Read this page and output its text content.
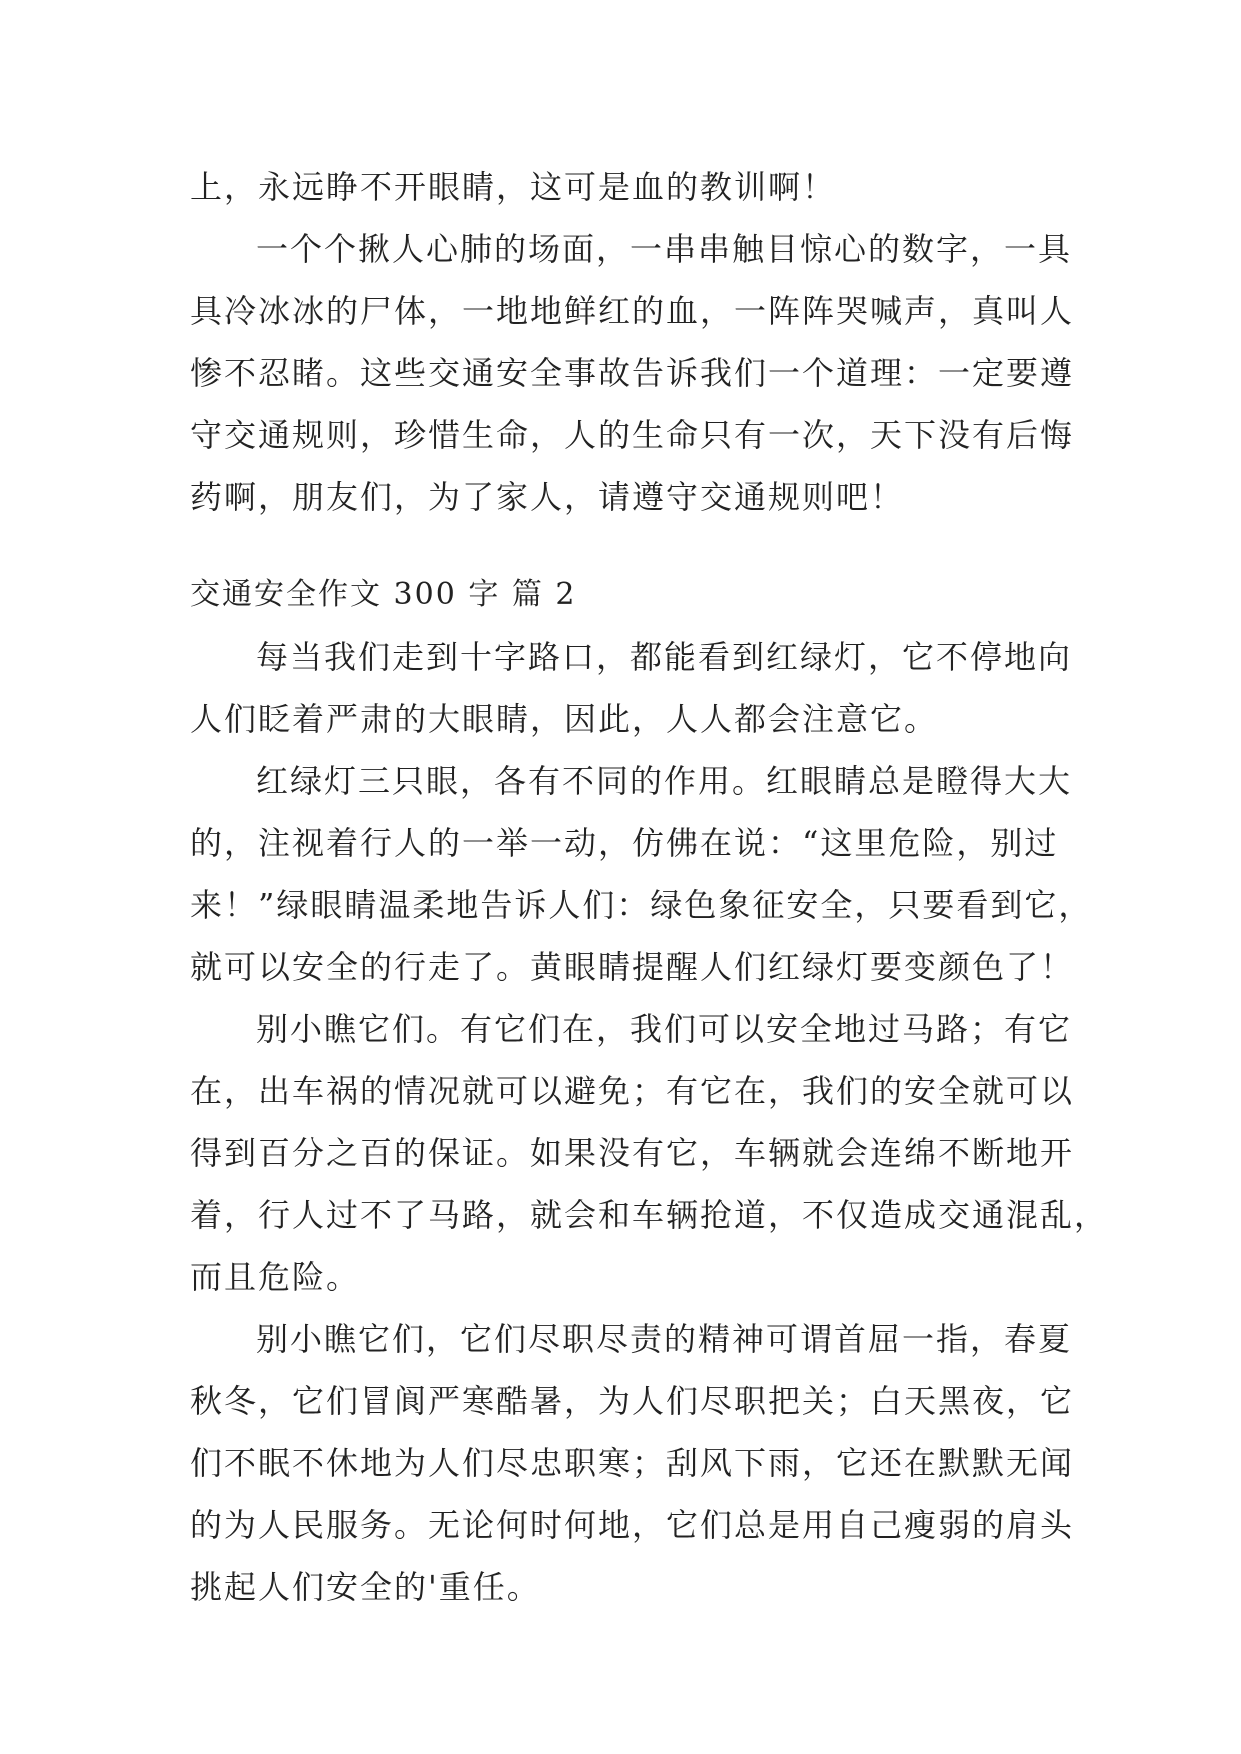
上，永远睁不开眼睛，这可是血的教训啊！
一个个揪人心肺的场面，一串串触目惊心的数字，一具
具冷冰冰的尸体，一地地鲜红的血，一阵阵哭喊声，真叫人
惨不忍睹。这些交通安全事故告诉我们一个道理：一定要遵
守交通规则，珍惜生命，人的生命只有一次，天下没有后悔
药啊，朋友们，为了家人，请遵守交通规则吧！
交通安全作文 300 字 篇 2
每当我们走到十字路口，都能看到红绿灯，它不停地向
人们眨着严肃的大眼睛，因此，人人都会注意它。
红绿灯三只眼，各有不同的作用。红眼睛总是瞪得大大
的，注视着行人的一举一动，仿佛在说：“这里危险，别过
来！”绿眼睛温柔地告诉人们：绿色象征安全，只要看到它，
就可以安全的行走了。黄眼睛提醒人们红绿灯要变颜色了！
别小瞧它们。有它们在，我们可以安全地过马路；有它
在，出车祸的情况就可以避免；有它在，我们的安全就可以
得到百分之百的保证。如果没有它，车辆就会连绵不断地开
着，行人过不了马路，就会和车辆抢道，不仅造成交通混乱，
而且危险。
别小瞧它们，它们尽职尽责的精神可谓首屈一指，春夏
秋冬，它们冒阆严寒酷暑，为人们尽职把关；白天黑夜，它
们不眠不休地为人们尽忠职寒；刮风下雨，它还在默默无闻
的为人民服务。无论何时何地，它们总是用自己瘦弱的肩头
挑起人们安全的'重任。
